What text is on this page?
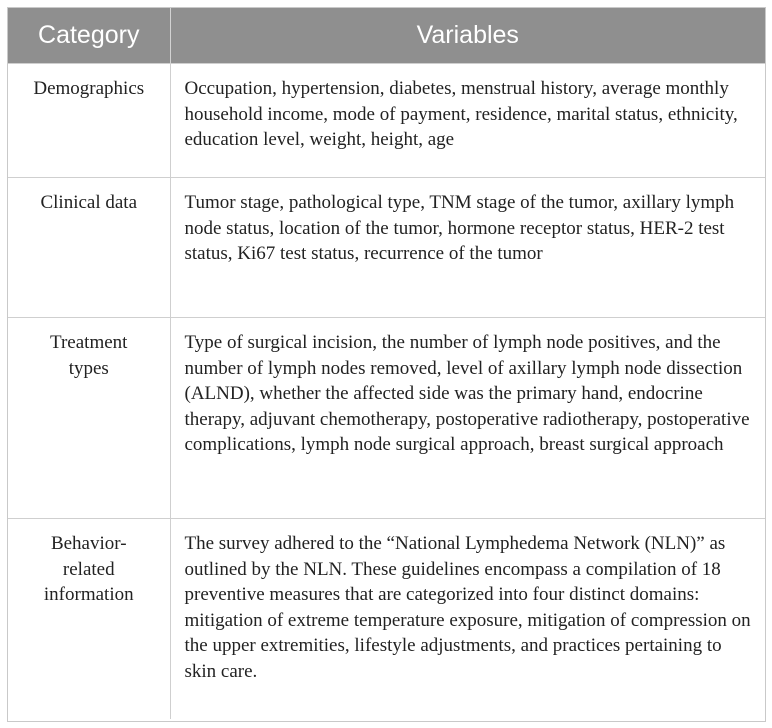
Category	Variables
Demographics	Occupation, hypertension, diabetes, menstrual history, average monthly household income, mode of payment, residence, marital status, ethnicity, education level, weight, height, age
Clinical data	Tumor stage, pathological type, TNM stage of the tumor, axillary lymph node status, location of the tumor, hormone receptor status, HER-2 test status, Ki67 test status, recurrence of the tumor
Treatment types	Type of surgical incision, the number of lymph node positives, and the number of lymph nodes removed, level of axillary lymph node dissection (ALND), whether the affected side was the primary hand, endocrine therapy, adjuvant chemotherapy, postoperative radiotherapy, postoperative complications, lymph node surgical approach, breast surgical approach
Behavior-related information	The survey adhered to the “National Lymphedema Network (NLN)” as outlined by the NLN. These guidelines encompass a compilation of 18 preventive measures that are categorized into four distinct domains: mitigation of extreme temperature exposure, mitigation of compression on the upper extremities, lifestyle adjustments, and practices pertaining to skin care.
